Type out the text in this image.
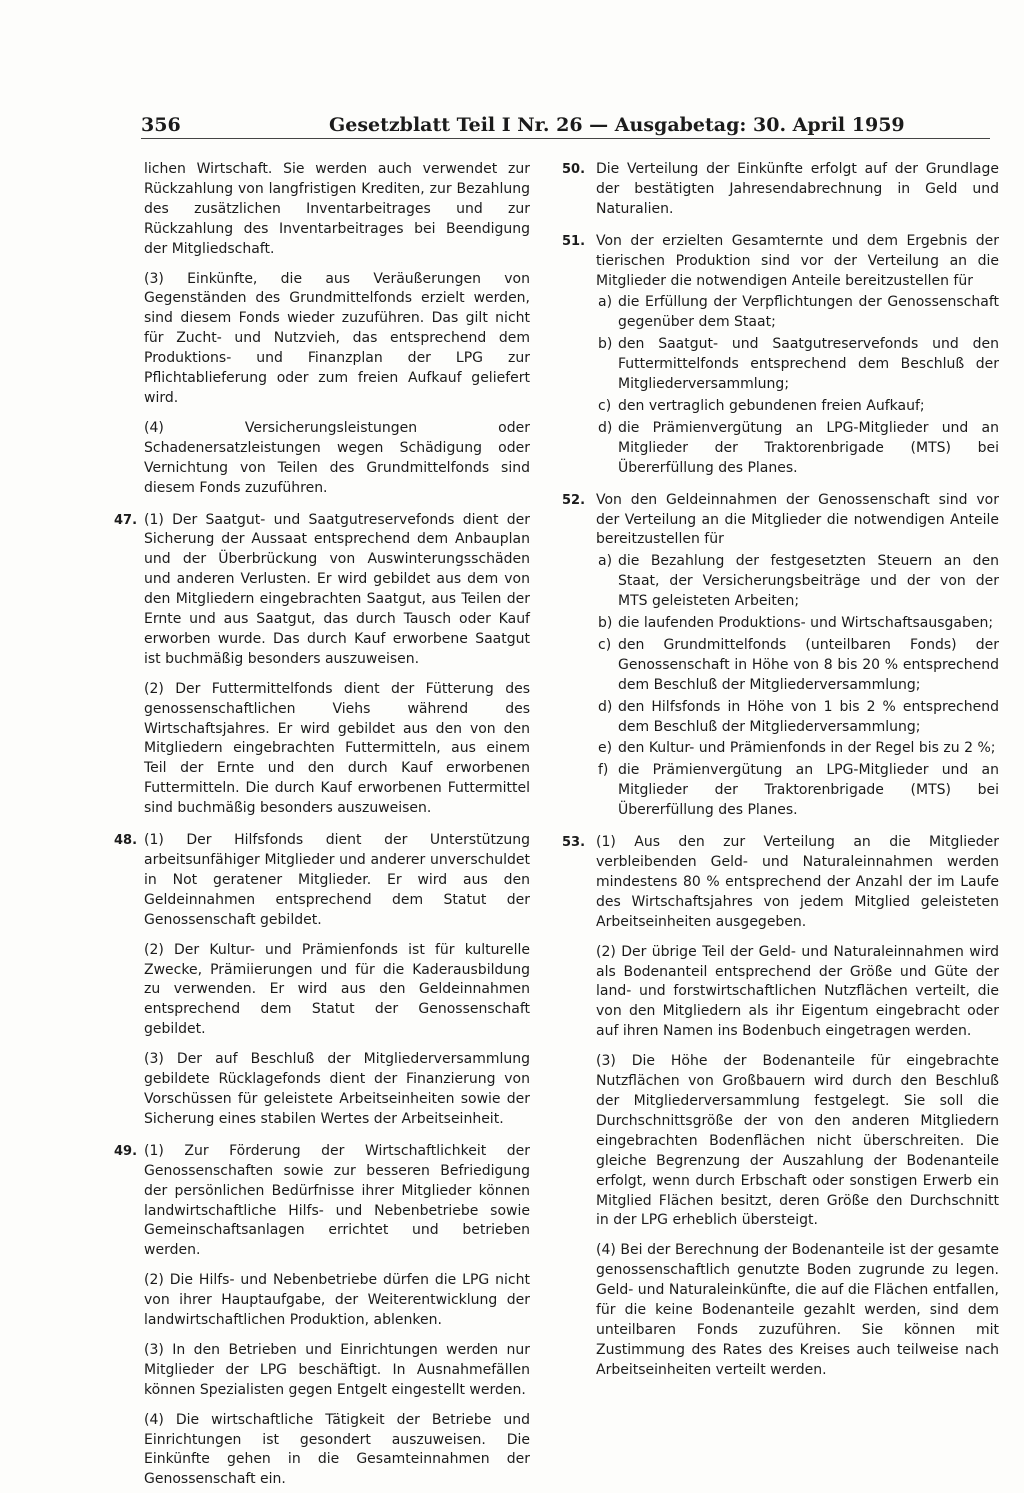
356	Gesetzblatt Teil I Nr. 26 — Ausgabetag: 30. April 1959

lichen Wirtschaft. Sie werden auch verwendet zur Rückzahlung von langfristigen Krediten, zur Bezahlung des zusätzlichen Inventarbeitrages und zur Rückzahlung des Inventarbeitrages bei Beendigung der Mitgliedschaft.

(3) Einkünfte, die aus Veräußerungen von Gegenständen des Grundmittelfonds erzielt werden, sind diesem Fonds wieder zuzuführen. Das gilt nicht für Zucht- und Nutzvieh, das entsprechend dem Produktions- und Finanzplan der LPG zur Pflichtablieferung oder zum freien Aufkauf geliefert wird.

(4) Versicherungsleistungen oder Schadenersatzleistungen wegen Schädigung oder Vernichtung von Teilen des Grundmittelfonds sind diesem Fonds zuzuführen.

47. (1) Der Saatgut- und Saatgutreservefonds dient der Sicherung der Aussaat entsprechend dem Anbauplan und der Überbrückung von Auswinterungsschäden und anderen Verlusten. Er wird gebildet aus dem von den Mitgliedern eingebrachten Saatgut, aus Teilen der Ernte und aus Saatgut, das durch Tausch oder Kauf erworben wurde. Das durch Kauf erworbene Saatgut ist buchmäßig besonders auszuweisen.

(2) Der Futtermittelfonds dient der Fütterung des genossenschaftlichen Viehs während des Wirtschaftsjahres. Er wird gebildet aus den von den Mitgliedern eingebrachten Futtermitteln, aus einem Teil der Ernte und den durch Kauf erworbenen Futtermitteln. Die durch Kauf erworbenen Futtermittel sind buchmäßig besonders auszuweisen.

48. (1) Der Hilfsfonds dient der Unterstützung arbeitsunfähiger Mitglieder und anderer unverschuldet in Not geratener Mitglieder. Er wird aus den Geldeinnahmen entsprechend dem Statut der Genossenschaft gebildet.

(2) Der Kultur- und Prämienfonds ist für kulturelle Zwecke, Prämiierungen und für die Kaderausbildung zu verwenden. Er wird aus den Geldeinnahmen entsprechend dem Statut der Genossenschaft gebildet.

(3) Der auf Beschluß der Mitgliederversammlung gebildete Rücklagefonds dient der Finanzierung von Vorschüssen für geleistete Arbeitseinheiten sowie der Sicherung eines stabilen Wertes der Arbeitseinheit.

49. (1) Zur Förderung der Wirtschaftlichkeit der Genossenschaften sowie zur besseren Befriedigung der persönlichen Bedürfnisse ihrer Mitglieder können landwirtschaftliche Hilfs- und Nebenbetriebe sowie Gemeinschaftsanlagen errichtet und betrieben werden.

(2) Die Hilfs- und Nebenbetriebe dürfen die LPG nicht von ihrer Hauptaufgabe, der Weiterentwicklung der landwirtschaftlichen Produktion, ablenken.

(3) In den Betrieben und Einrichtungen werden nur Mitglieder der LPG beschäftigt. In Ausnahmefällen können Spezialisten gegen Entgelt eingestellt werden.

(4) Die wirtschaftliche Tätigkeit der Betriebe und Einrichtungen ist gesondert auszuweisen. Die Einkünfte gehen in die Gesamteinnahmen der Genossenschaft ein.

50. Die Verteilung der Einkünfte erfolgt auf der Grundlage der bestätigten Jahresendabrechnung in Geld und Naturalien.

51. Von der erzielten Gesamternte und dem Ergebnis der tierischen Produktion sind vor der Verteilung an die Mitglieder die notwendigen Anteile bereitzustellen für

a) die Erfüllung der Verpflichtungen der Genossenschaft gegenüber dem Staat;
b) den Saatgut- und Saatgutreservefonds und den Futtermittelfonds entsprechend dem Beschluß der Mitgliederversammlung;
c) den vertraglich gebundenen freien Aufkauf;
d) die Prämienvergütung an LPG-Mitglieder und an Mitglieder der Traktorenbrigade (MTS) bei Übererfüllung des Planes.
52. Von den Geldeinnahmen der Genossenschaft sind vor der Verteilung an die Mitglieder die notwendigen Anteile bereitzustellen für

a) die Bezahlung der festgesetzten Steuern an den Staat, der Versicherungsbeiträge und der von der MTS geleisteten Arbeiten;
b) die laufenden Produktions- und Wirtschaftsausgaben;
c) den Grundmittelfonds (unteilbaren Fonds) der Genossenschaft in Höhe von 8 bis 20 % entsprechend dem Beschluß der Mitgliederversammlung;
d) den Hilfsfonds in Höhe von 1 bis 2 % entsprechend dem Beschluß der Mitgliederversammlung;
e) den Kultur- und Prämienfonds in der Regel bis zu 2 %;
f) die Prämienvergütung an LPG-Mitglieder und an Mitglieder der Traktorenbrigade (MTS) bei Übererfüllung des Planes.
53. (1) Aus den zur Verteilung an die Mitglieder verbleibenden Geld- und Naturaleinnahmen werden mindestens 80 % entsprechend der Anzahl der im Laufe des Wirtschaftsjahres von jedem Mitglied geleisteten Arbeitseinheiten ausgegeben.

(2) Der übrige Teil der Geld- und Naturaleinnahmen wird als Bodenanteil entsprechend der Größe und Güte der land- und forstwirtschaftlichen Nutzflächen verteilt, die von den Mitgliedern als ihr Eigentum eingebracht oder auf ihren Namen ins Bodenbuch eingetragen werden.

(3) Die Höhe der Bodenanteile für eingebrachte Nutzflächen von Großbauern wird durch den Beschluß der Mitgliederversammlung festgelegt. Sie soll die Durchschnittsgröße der von den anderen Mitgliedern eingebrachten Bodenflächen nicht überschreiten. Die gleiche Begrenzung der Auszahlung der Bodenanteile erfolgt, wenn durch Erbschaft oder sonstigen Erwerb ein Mitglied Flächen besitzt, deren Größe den Durchschnitt in der LPG erheblich übersteigt.

(4) Bei der Berechnung der Bodenanteile ist der gesamte genossenschaftlich genutzte Boden zugrunde zu legen. Geld- und Naturaleinkünfte, die auf die Flächen entfallen, für die keine Bodenanteile gezahlt werden, sind dem unteilbaren Fonds zuzuführen. Sie können mit Zustimmung des Rates des Kreises auch teilweise nach Arbeitseinheiten verteilt werden.
